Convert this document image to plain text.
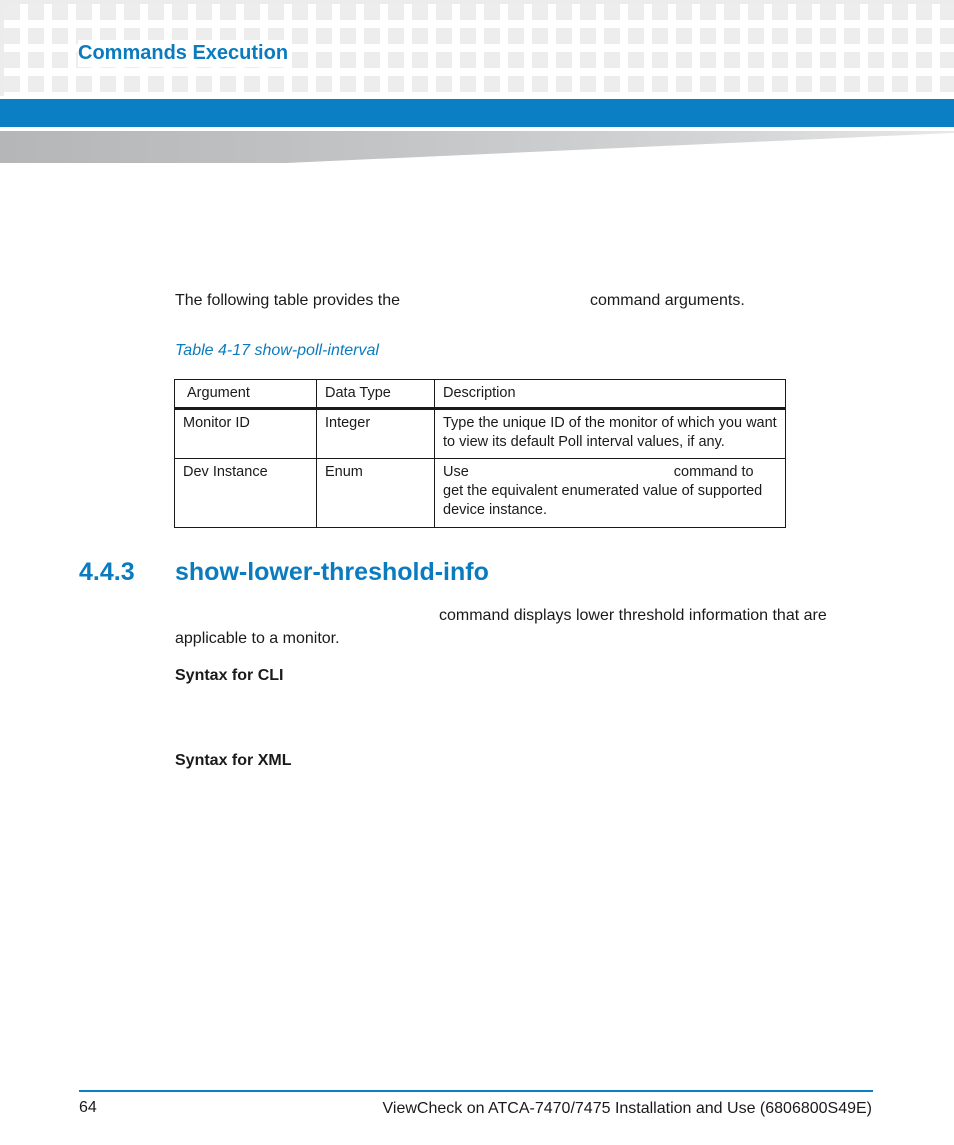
Commands Execution
The following table provides the	command arguments.
Table 4-17 show-poll-interval
Argument	Data Type	Description
Monitor ID	Integer	Type the unique ID of the monitor of which you want to view its default Poll interval values, if any.
Dev Instance	Enum	Use command to get the equivalent enumerated value of supported device instance.
4.4.3 show-lower-threshold-info
command displays lower threshold information that are
applicable to a monitor.
Syntax for CLI
Syntax for XML
64	ViewCheck on ATCA-7470/7475 Installation and Use (6806800S49E)
